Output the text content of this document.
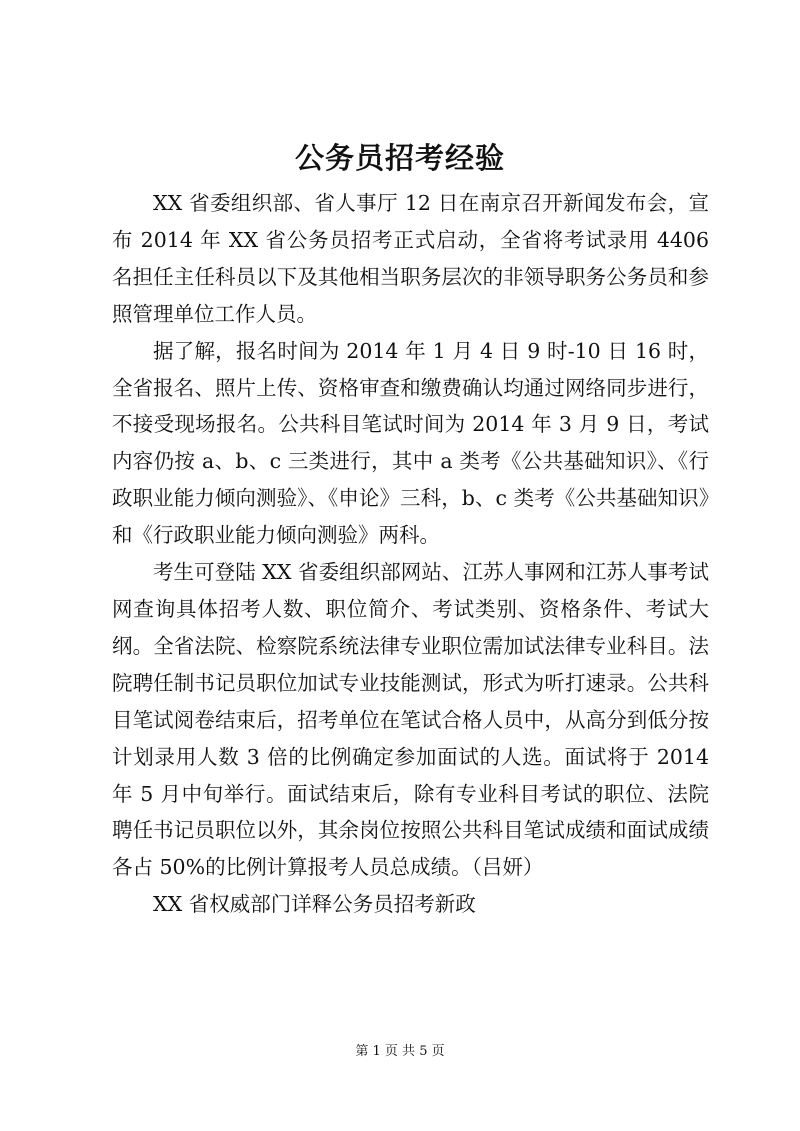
公务员招考经验

XX 省委组织部、省人事厅 12 日在南京召开新闻发布会，宣布 2014 年 XX 省公务员招考正式启动，全省将考试录用 4406 名担任主任科员以下及其他相当职务层次的非领导职务公务员和参照管理单位工作人员。

据了解，报名时间为 2014 年 1 月 4 日 9 时-10 日 16 时，全省报名、照片上传、资格审查和缴费确认均通过网络同步进行，不接受现场报名。公共科目笔试时间为 2014 年 3 月 9 日，考试内容仍按 a、b、c 三类进行，其中 a 类考《公共基础知识》、《行政职业能力倾向测验》、《申论》三科，b、c 类考《公共基础知识》和《行政职业能力倾向测验》两科。

考生可登陆 XX 省委组织部网站、江苏人事网和江苏人事考试网查询具体招考人数、职位简介、考试类别、资格条件、考试大纲。全省法院、检察院系统法律专业职位需加试法律专业科目。法院聘任制书记员职位加试专业技能测试，形式为听打速录。公共科目笔试阅卷结束后，招考单位在笔试合格人员中，从高分到低分按计划录用人数 3 倍的比例确定参加面试的人选。面试将于 2014 年 5 月中旬举行。面试结束后，除有专业科目考试的职位、法院聘任书记员职位以外，其余岗位按照公共科目笔试成绩和面试成绩各占 50%的比例计算报考人员总成绩。（吕妍）

XX 省权威部门详释公务员招考新政

第 1 页 共 5 页
